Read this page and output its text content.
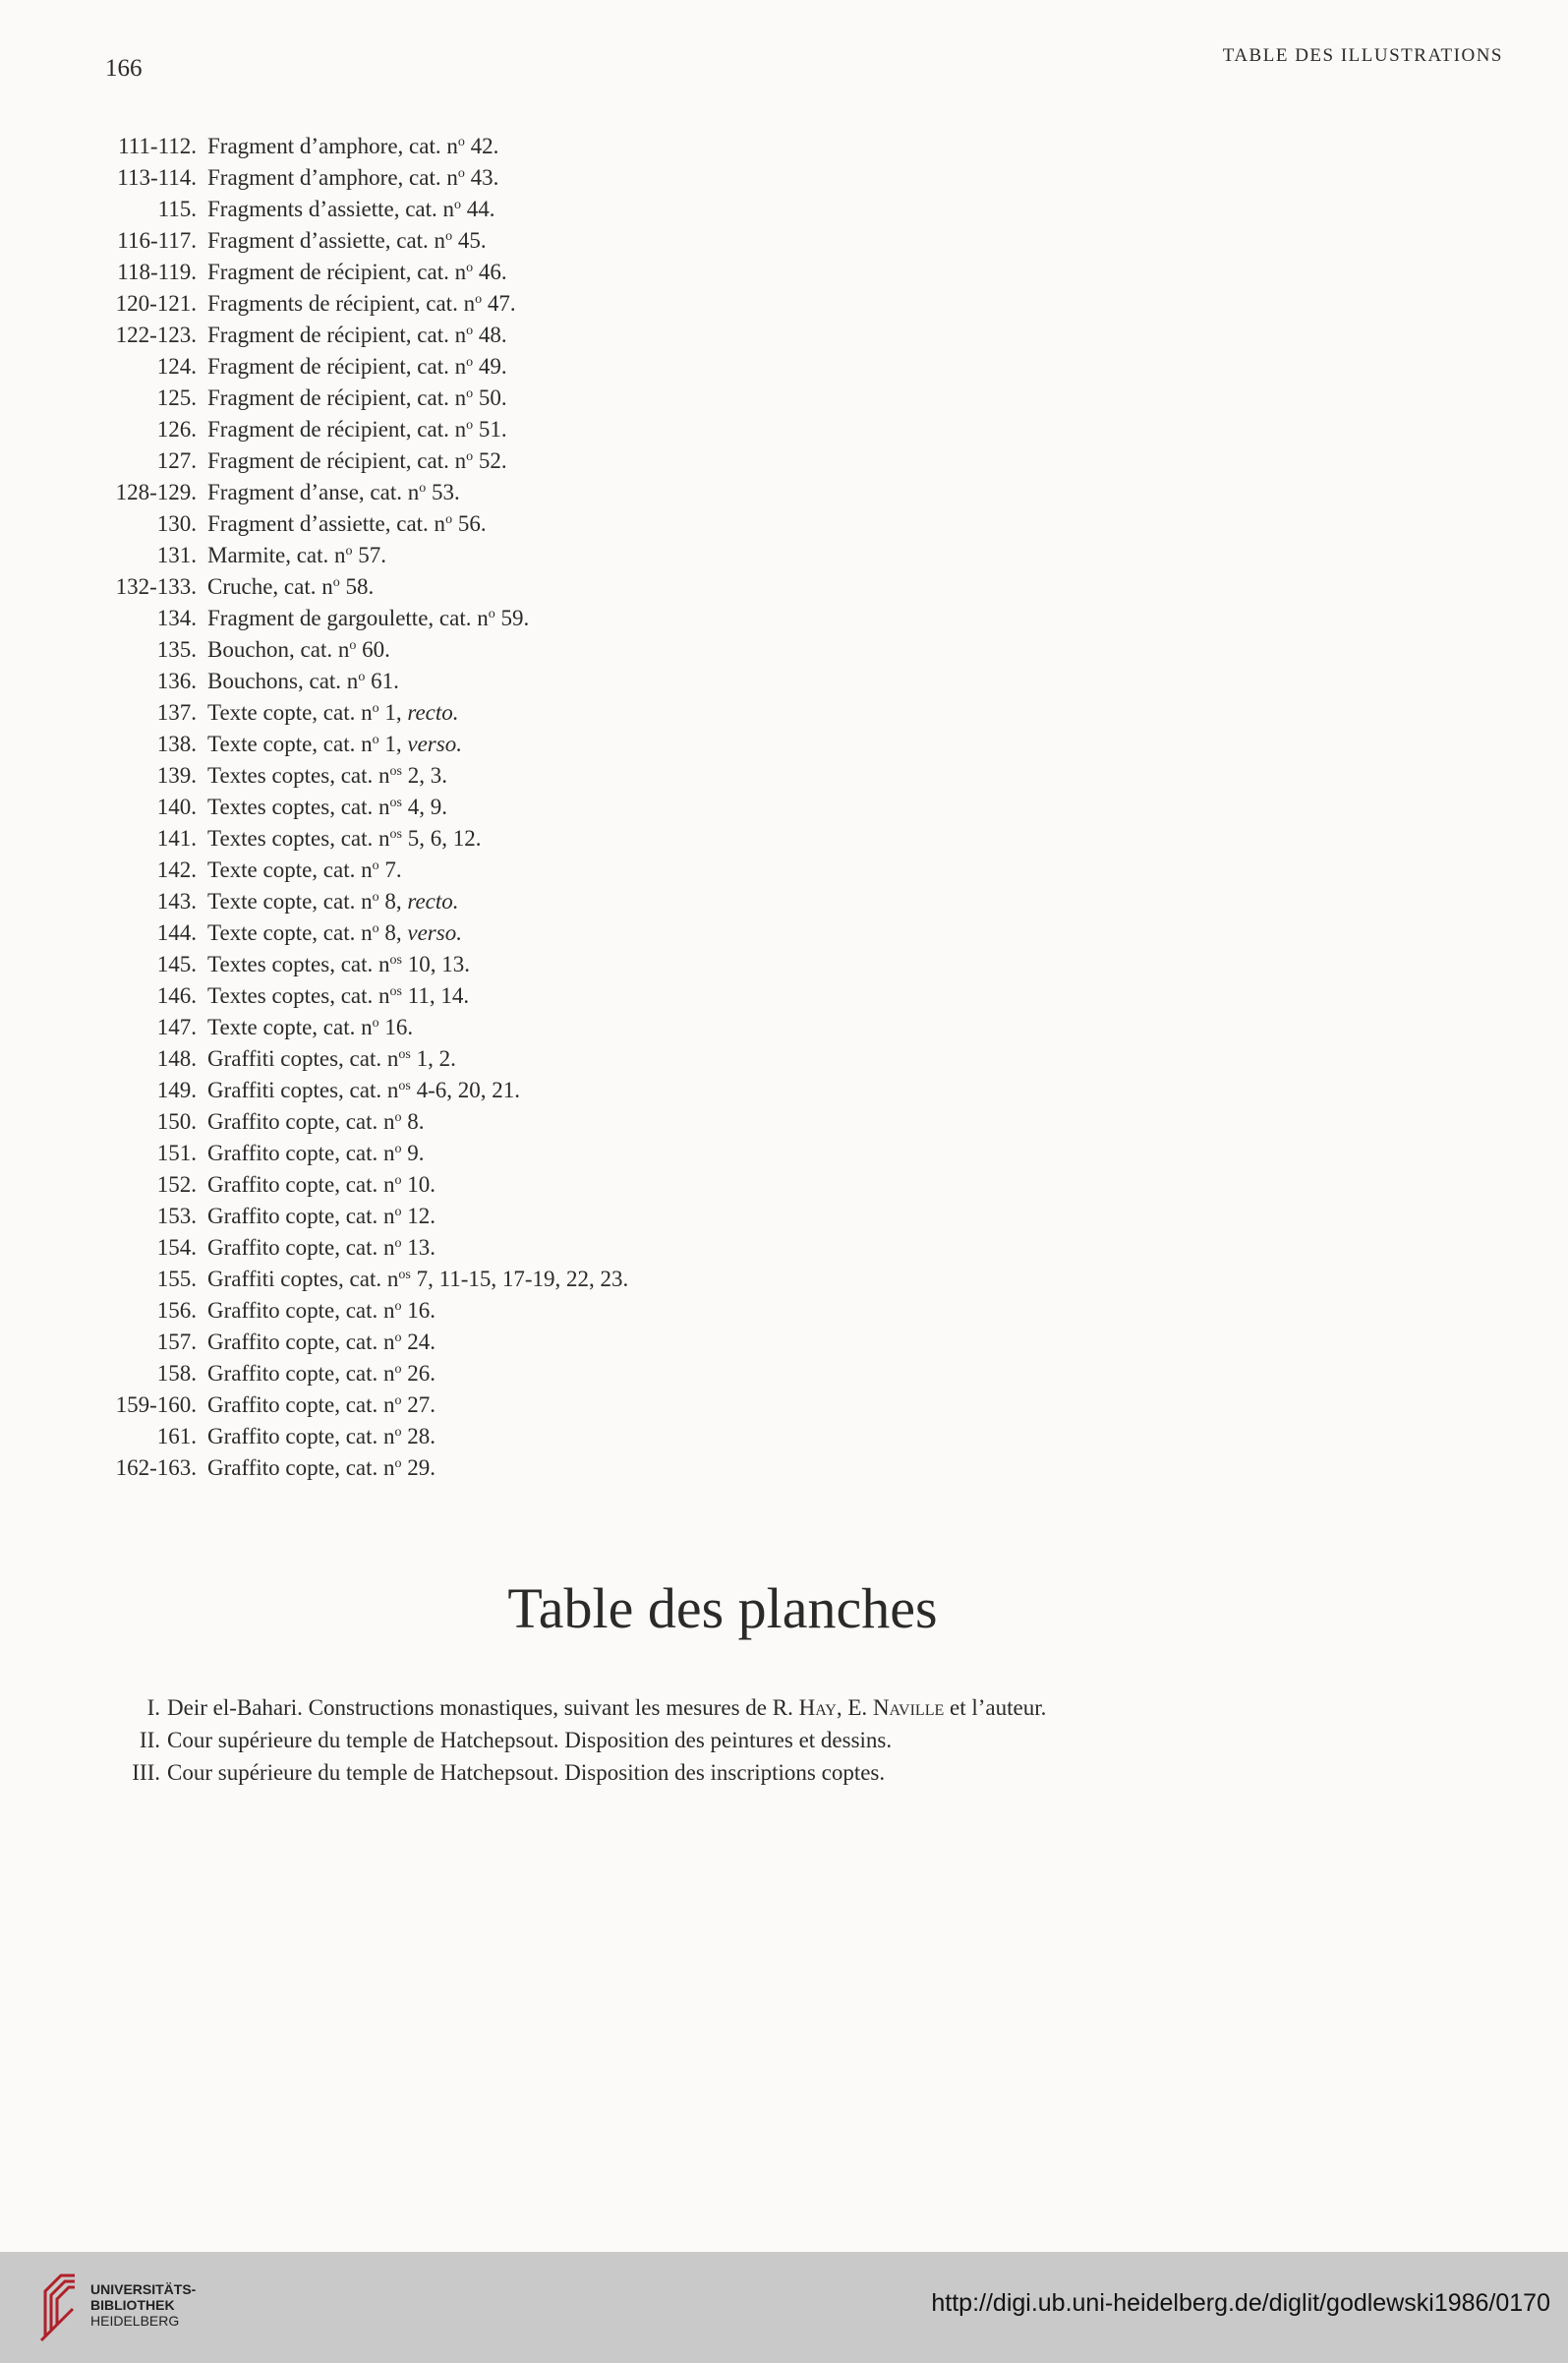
166	TABLE DES ILLUSTRATIONS
111-112. Fragment d’amphore, cat. $n^o$ 42.
113-114. Fragment d’amphore, cat. $n^o$ 43.
115. Fragments d’assiette, cat. $n^o$ 44.
116-117. Fragment d’assiette, cat. $n^o$ 45.
118-119. Fragment de récipient, cat. $n^o$ 46.
120-121. Fragments de récipient, cat. $n^o$ 47.
122-123. Fragment de récipient, cat. $n^o$ 48.
124. Fragment de récipient, cat. $n^o$ 49.
125. Fragment de récipient, cat. $n^o$ 50.
126. Fragment de récipient, cat. $n^o$ 51.
127. Fragment de récipient, cat. $n^o$ 52.
128-129. Fragment d’anse, cat. $n^o$ 53.
130. Fragment d’assiette, cat. $n^o$ 56.
131. Marmite, cat. $n^o$ 57.
132-133. Cruche, cat. $n^o$ 58.
134. Fragment de gargoulette, cat. $n^o$ 59.
135. Bouchon, cat. $n^o$ 60.
136. Bouchons, cat. $n^o$ 61.
137. Texte copte, cat. $n^o$ 1, recto.
138. Texte copte, cat. $n^o$ 1, verso.
139. Textes coptes, cat. $n^{os}$ 2, 3.
140. Textes coptes, cat. $n^{os}$ 4, 9.
141. Textes coptes, cat. $n^{os}$ 5, 6, 12.
142. Texte copte, cat. $n^o$ 7.
143. Texte copte, cat. $n^o$ 8, recto.
144. Texte copte, cat. $n^o$ 8, verso.
145. Textes coptes, cat. $n^{os}$ 10, 13.
146. Textes coptes, cat. $n^{os}$ 11, 14.
147. Texte copte, cat. $n^o$ 16.
148. Graffiti coptes, cat. $n^{os}$ 1, 2.
149. Graffiti coptes, cat. $n^{os}$ 4-6, 20, 21.
150. Graffito copte, cat. $n^o$ 8.
151. Graffito copte, cat. $n^o$ 9.
152. Graffito copte, cat. $n^o$ 10.
153. Graffito copte, cat. $n^o$ 12.
154. Graffito copte, cat. $n^o$ 13.
155. Graffiti coptes, cat. $n^{os}$ 7, 11-15, 17-19, 22, 23.
156. Graffito copte, cat. $n^o$ 16.
157. Graffito copte, cat. $n^o$ 24.
158. Graffito copte, cat. $n^o$ 26.
159-160. Graffito copte, cat. $n^o$ 27.
161. Graffito copte, cat. $n^o$ 28.
162-163. Graffito copte, cat. $n^o$ 29.
Table des planches
I. Deir el-Bahari. Constructions monastiques, suivant les mesures de R. Hay, E. Naville et l’auteur.
II. Cour supérieure du temple de Hatchepsout. Disposition des peintures et dessins.
III. Cour supérieure du temple de Hatchepsout. Disposition des inscriptions coptes.
UNIVERSITÄTS-
BIBLIOTHEK
HEIDELBERG
http://digi.ub.uni-heidelberg.de/diglit/godlewski1986/0170
